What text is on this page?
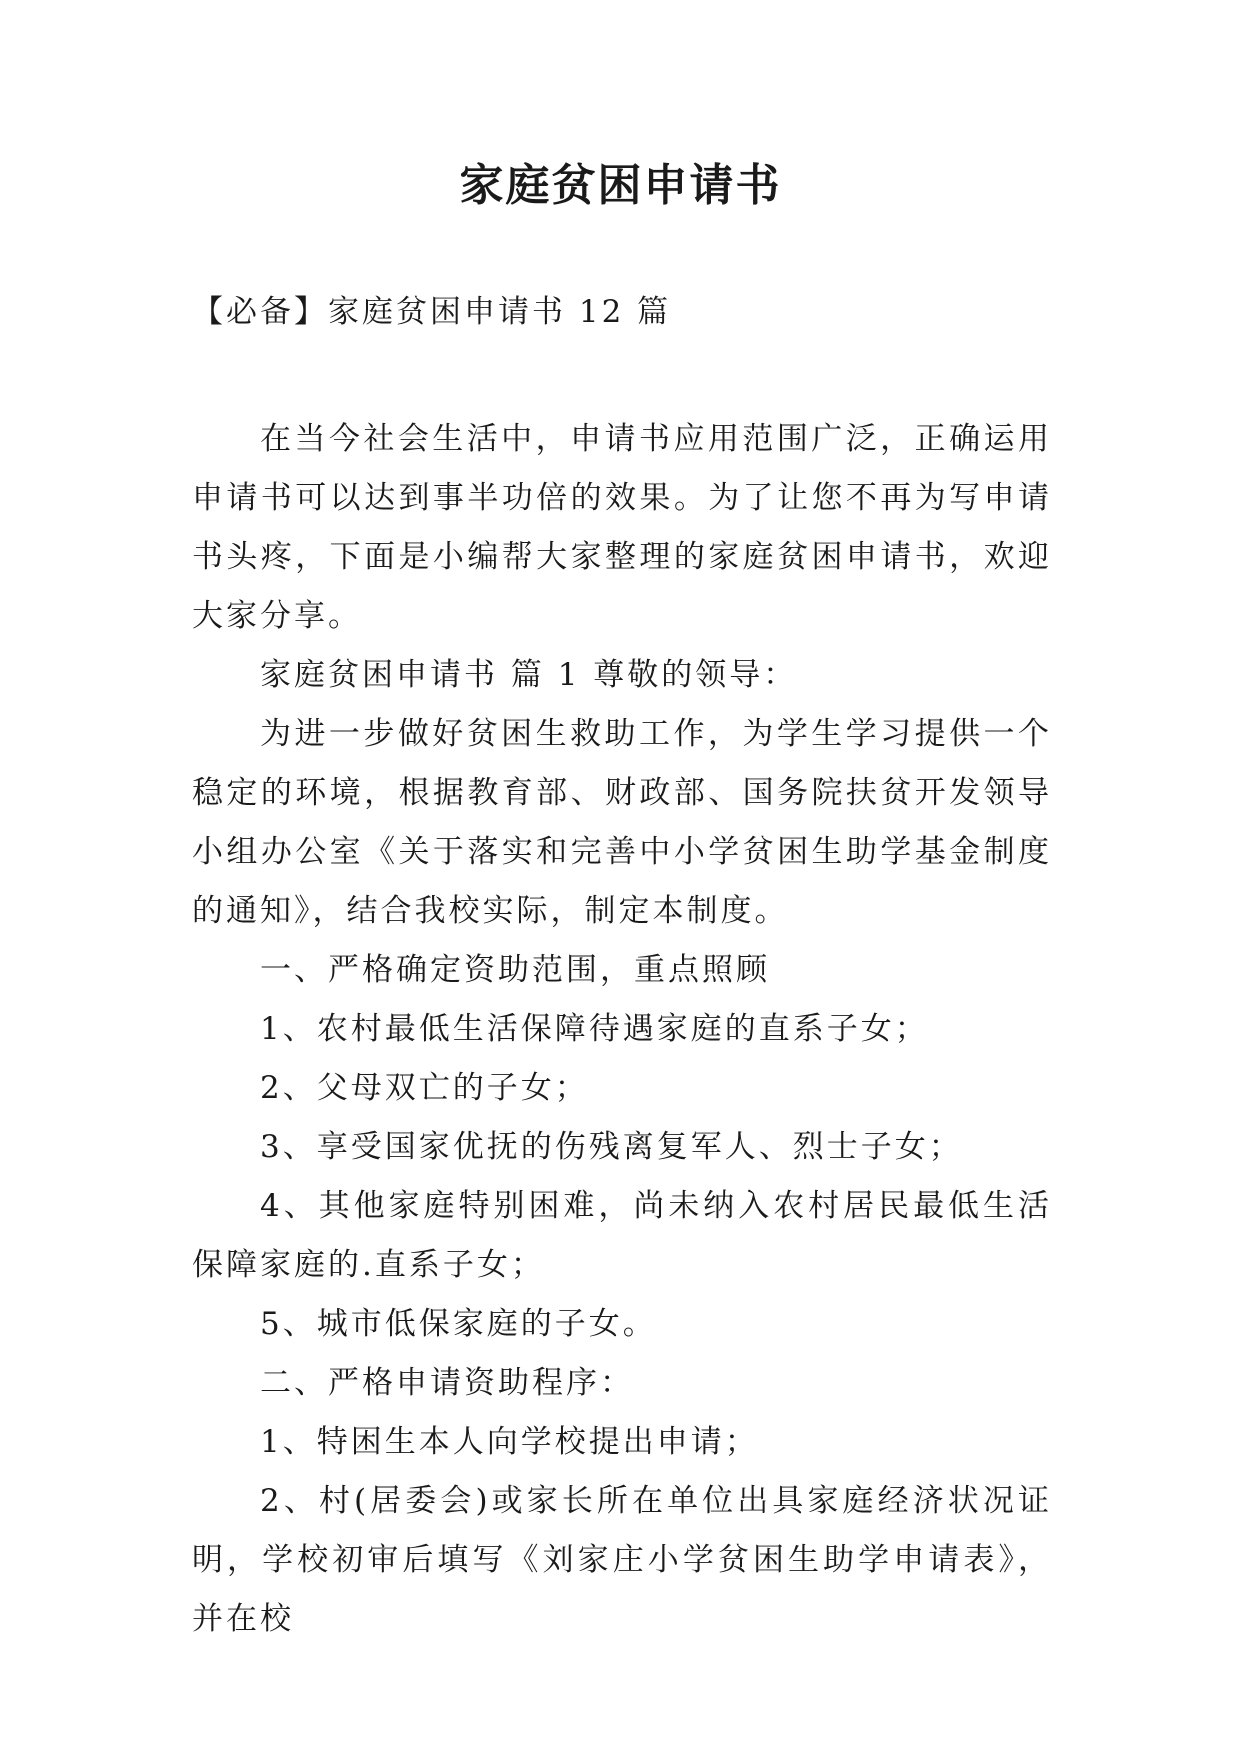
家庭贫困申请书

【必备】家庭贫困申请书 12 篇

在当今社会生活中，申请书应用范围广泛，正确运用申请书可以达到事半功倍的效果。为了让您不再为写申请书头疼，下面是小编帮大家整理的家庭贫困申请书，欢迎大家分享。

家庭贫困申请书 篇 1 尊敬的领导：

为进一步做好贫困生救助工作，为学生学习提供一个稳定的环境，根据教育部、财政部、国务院扶贫开发领导小组办公室《关于落实和完善中小学贫困生助学基金制度的通知》，结合我校实际，制定本制度。

一、严格确定资助范围，重点照顾

1、农村最低生活保障待遇家庭的直系子女；

2、父母双亡的子女；

3、享受国家优抚的伤残离复军人、烈士子女；

4、其他家庭特别困难，尚未纳入农村居民最低生活保障家庭的.直系子女；

5、城市低保家庭的子女。

二、严格申请资助程序：

1、特困生本人向学校提出申请；

2、村(居委会)或家长所在单位出具家庭经济状况证明，学校初审后填写《刘家庄小学贫困生助学申请表》，并在校
